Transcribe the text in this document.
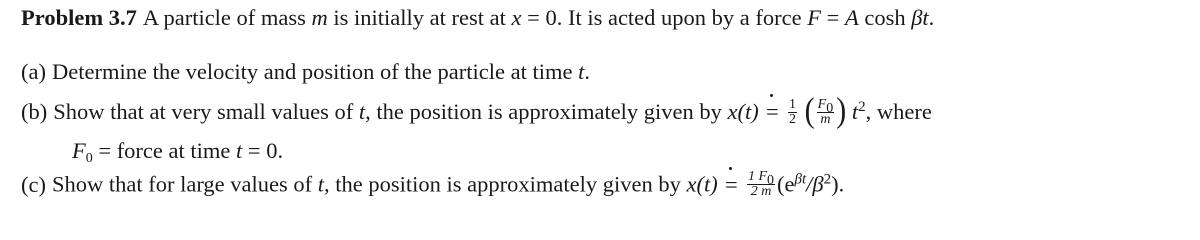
Problem 3.7 A particle of mass m is initially at rest at x = 0. It is acted upon by a force F = A cosh βt.
(a) Determine the velocity and position of the particle at time t.
(b) Show that at very small values of t, the position is approximately given by x(t) =
$\frac{1}{2}$ ( $\frac{F_0}{m}$ ) $t^2$, where
$F_0$ = force at time t = 0.
(c) Show that for large values of t, the position is approximately given by x(t) =
$\frac{1 F_0}{2 m} (e^{\beta t}/\beta^2)$.
